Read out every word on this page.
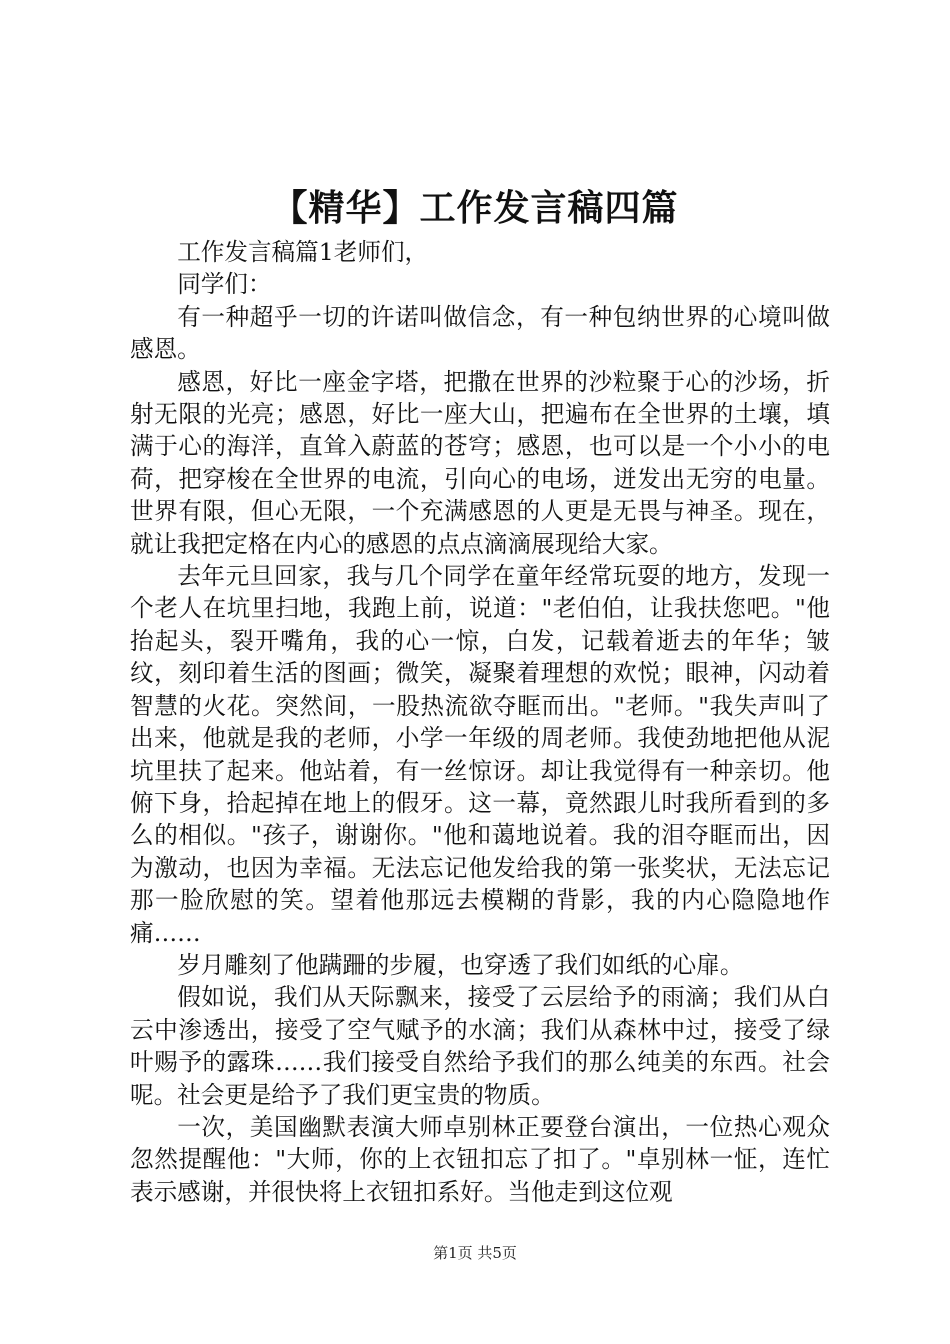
【精华】工作发言稿四篇

工作发言稿篇1老师们，

同学们：

有一种超乎一切的许诺叫做信念，有一种包纳世界的心境叫做感恩。

感恩，好比一座金字塔，把撒在世界的沙粒聚于心的沙场，折射无限的光亮；感恩，好比一座大山，把遍布在全世界的土壤，填满于心的海洋，直耸入蔚蓝的苍穹；感恩，也可以是一个小小的电荷，把穿梭在全世界的电流，引向心的电场，迸发出无穷的电量。世界有限，但心无限，一个充满感恩的人更是无畏与神圣。现在，就让我把定格在内心的感恩的点点滴滴展现给大家。

去年元旦回家，我与几个同学在童年经常玩耍的地方，发现一个老人在坑里扫地，我跑上前，说道："老伯伯，让我扶您吧。"他抬起头，裂开嘴角，我的心一惊，白发，记载着逝去的年华；皱纹，刻印着生活的图画；微笑，凝聚着理想的欢悦；眼神，闪动着智慧的火花。突然间，一股热流欲夺眶而出。"老师。"我失声叫了出来，他就是我的老师，小学一年级的周老师。我使劲地把他从泥坑里扶了起来。他站着，有一丝惊讶。却让我觉得有一种亲切。他俯下身，拾起掉在地上的假牙。这一幕，竟然跟儿时我所看到的多么的相似。"孩子，谢谢你。"他和蔼地说着。我的泪夺眶而出，因为激动，也因为幸福。无法忘记他发给我的第一张奖状，无法忘记那一脸欣慰的笑。望着他那远去模糊的背影，我的内心隐隐地作痛……

岁月雕刻了他蹒跚的步履，也穿透了我们如纸的心扉。

假如说，我们从天际飘来，接受了云层给予的雨滴；我们从白云中渗透出，接受了空气赋予的水滴；我们从森林中过，接受了绿叶赐予的露珠……我们接受自然给予我们的那么纯美的东西。社会呢。社会更是给予了我们更宝贵的物质。

一次，美国幽默表演大师卓别林正要登台演出，一位热心观众忽然提醒他："大师，你的上衣钮扣忘了扣了。"卓别林一怔，连忙表示感谢，并很快将上衣钮扣系好。当他走到这位观

第1页 共5页
